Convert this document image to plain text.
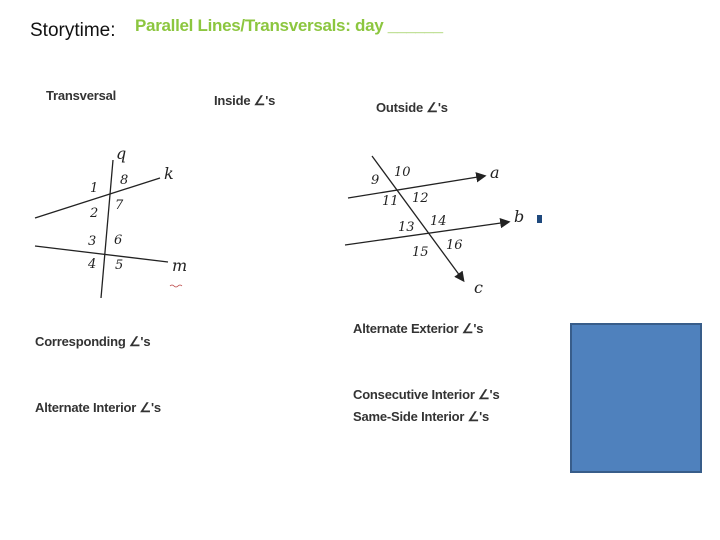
Storytime: Parallel Lines/Transversals: day ______
Transversal	Inside ∠'s	Outside ∠'s
Corresponding ∠'s
Alternate Interior ∠'s
Alternate Exterior ∠'s
Consecutive Interior ∠'s
Same-Side Interior ∠'s
q
k
m
1
8
2
7
3 6
4 5
a
b
c
9
10
11 12
13 14
15 16
